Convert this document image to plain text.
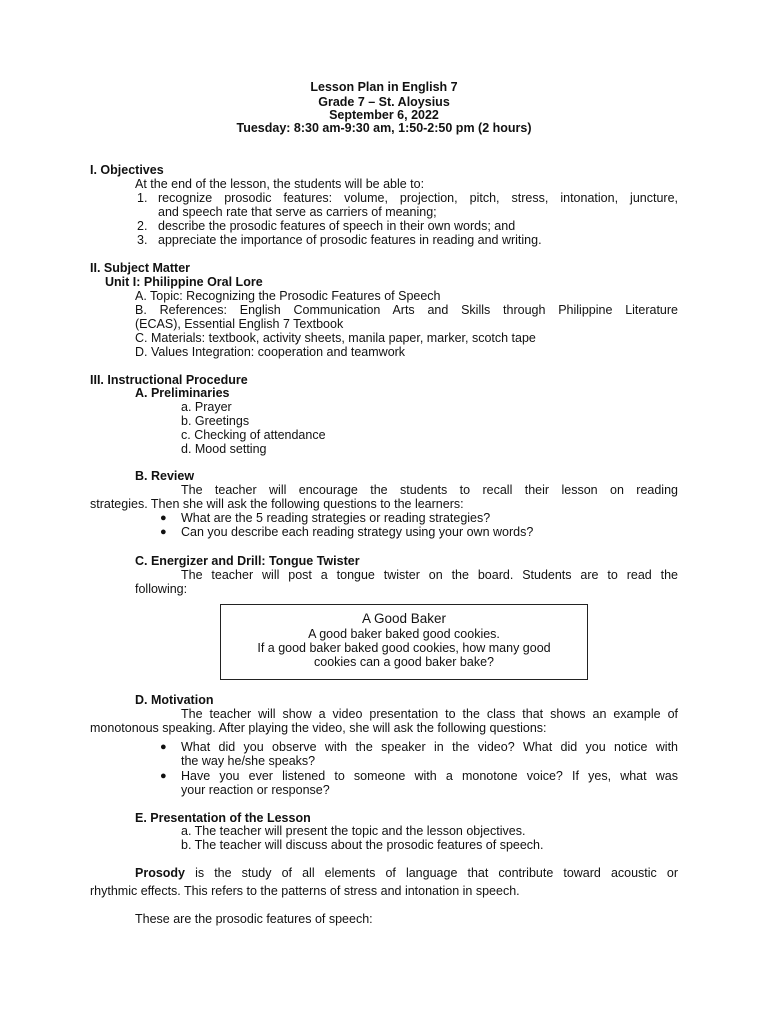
Lesson Plan in English 7
Grade 7 – St. Aloysius
September 6, 2022
Tuesday: 8:30 am-9:30 am, 1:50-2:50 pm (2 hours)
I. Objectives
At the end of the lesson, the students will be able to:
1. recognize prosodic features: volume, projection, pitch, stress, intonation, juncture,
and speech rate that serve as carriers of meaning;
2. describe the prosodic features of speech in their own words; and
3. appreciate the importance of prosodic features in reading and writing.
II. Subject Matter
Unit I: Philippine Oral Lore
A. Topic: Recognizing the Prosodic Features of Speech
B. References: English Communication Arts and Skills through Philippine Literature
(ECAS), Essential English 7 Textbook
C. Materials: textbook, activity sheets, manila paper, marker, scotch tape
D. Values Integration: cooperation and teamwork
III. Instructional Procedure
A. Preliminaries
a. Prayer
b. Greetings
c. Checking of attendance
d. Mood setting
B. Review
The teacher will encourage the students to recall their lesson on reading
strategies. Then she will ask the following questions to the learners:
● What are the 5 reading strategies or reading strategies?
● Can you describe each reading strategy using your own words?
C. Energizer and Drill: Tongue Twister
The teacher will post a tongue twister on the board. Students are to read the
following:
A Good Baker
A good baker baked good cookies.
If a good baker baked good cookies, how many good
cookies can a good baker bake?
D. Motivation
The teacher will show a video presentation to the class that shows an example of
monotonous speaking. After playing the video, she will ask the following questions:
● What did you observe with the speaker in the video? What did you notice with
the way he/she speaks?
● Have you ever listened to someone with a monotone voice? If yes, what was
your reaction or response?
E. Presentation of the Lesson
a. The teacher will present the topic and the lesson objectives.
b. The teacher will discuss about the prosodic features of speech.
Prosody is the study of all elements of language that contribute toward acoustic or
rhythmic effects. This refers to the patterns of stress and intonation in speech.
These are the prosodic features of speech:
